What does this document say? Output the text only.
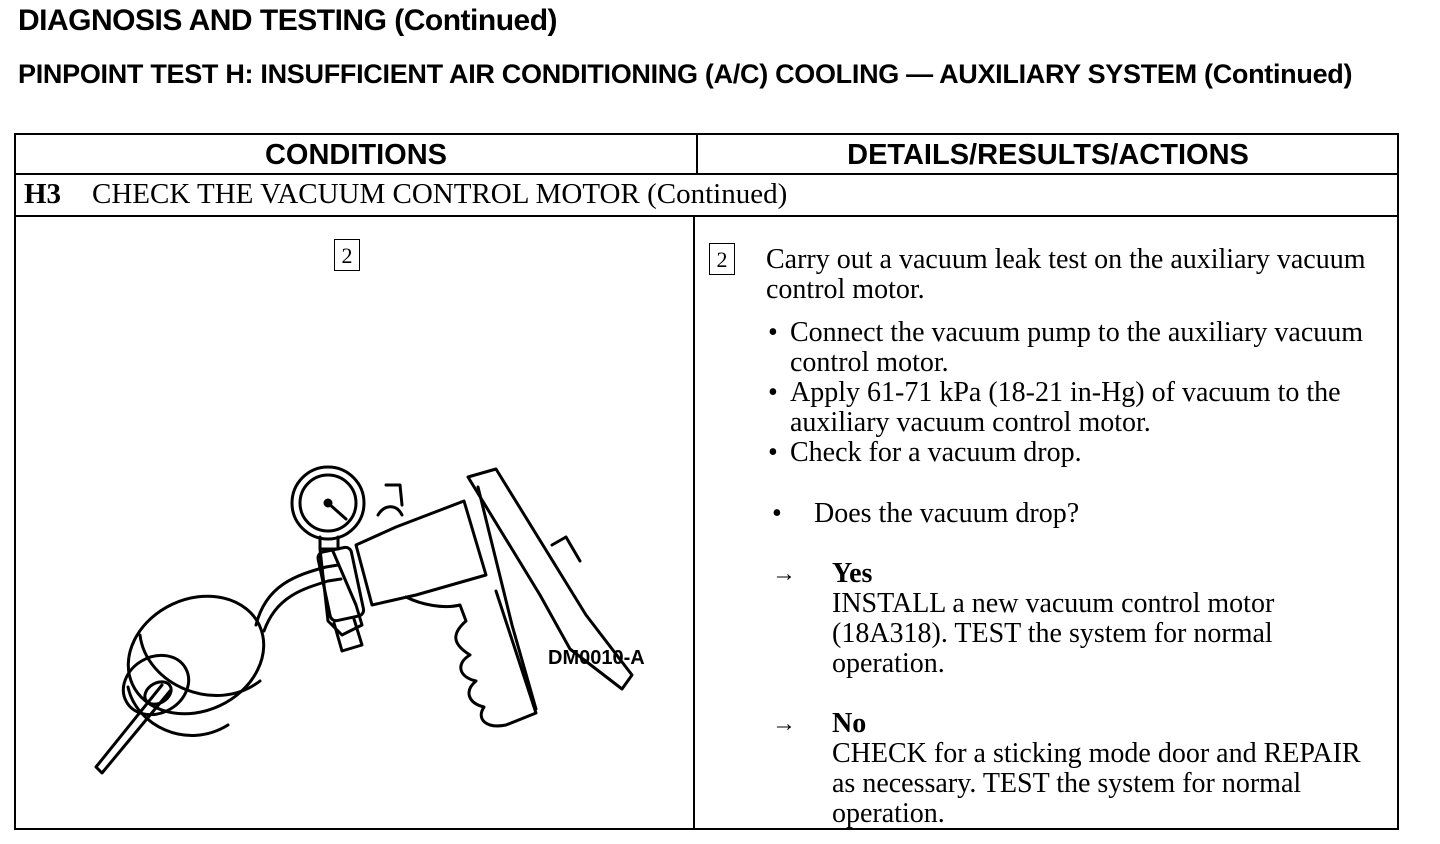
DIAGNOSIS AND TESTING (Continued)
PINPOINT TEST H: INSUFFICIENT AIR CONDITIONING (A/C) COOLING — AUXILIARY SYSTEM (Continued)
CONDITIONS	DETAILS/RESULTS/ACTIONS
H3 CHECK THE VACUUM CONTROL MOTOR (Continued)
2
DM0010-A
2 Carry out a vacuum leak test on the auxiliary vacuum control motor.
• Connect the vacuum pump to the auxiliary vacuum control motor.
• Apply 61-71 kPa (18-21 in-Hg) of vacuum to the auxiliary vacuum control motor.
• Check for a vacuum drop.
• Does the vacuum drop?
→ Yes
INSTALL a new vacuum control motor (18A318). TEST the system for normal operation.
→ No
CHECK for a sticking mode door and REPAIR as necessary. TEST the system for normal operation.
